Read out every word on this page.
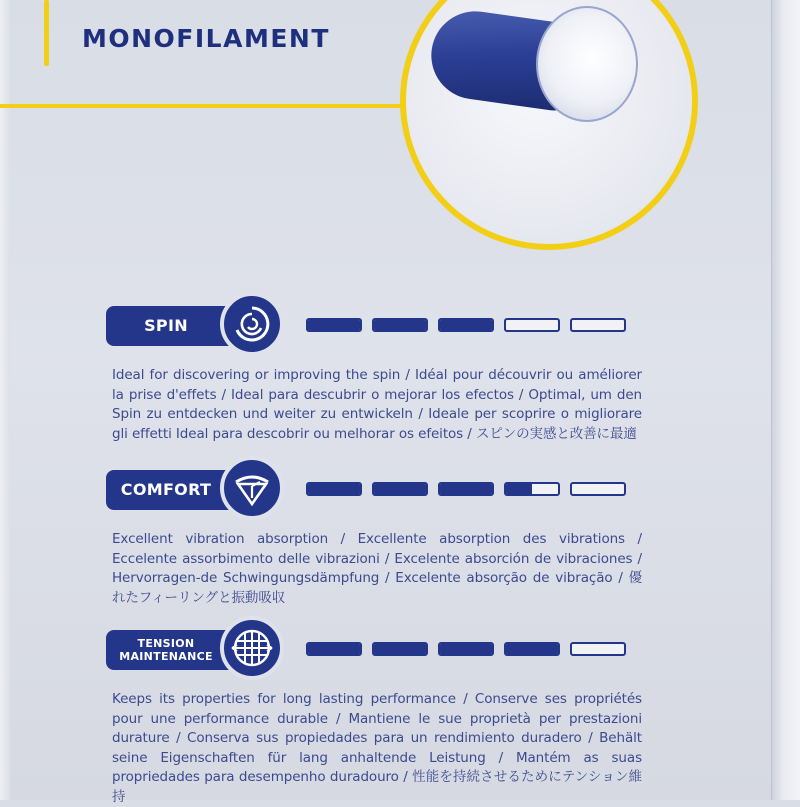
MONOFILAMENT
SPIN
Ideal for discovering or improving the spin / Idéal pour découvrir ou améliorer la prise d'effets / Ideal para descubrir o mejorar los efectos / Optimal, um den Spin zu entdecken und weiter zu entwickeln / Ideale per scoprire o migliorare gli effetti Ideal para descobrir ou melhorar os efeitos / スピンの実感と改善に最適
COMFORT
Excellent vibration absorption / Excellente absorption des vibrations / Eccelente assorbimento delle vibrazioni / Excelente absorción de vibraciones / Hervorragen-de Schwingungsdämpfung / Excelente absorção de vibração / 優れたフィーリングと振動吸収
TENSION MAINTENANCE
Keeps its properties for long lasting performance / Conserve ses propriétés pour une performance durable / Mantiene le sue proprietà per prestazioni durature / Conserva sus propiedades para un rendimiento duradero / Behält seine Eigenschaften für lang anhaltende Leistung / Mantém as suas propriedades para desempenho duradouro / 性能を持続させるためにテンション維持
